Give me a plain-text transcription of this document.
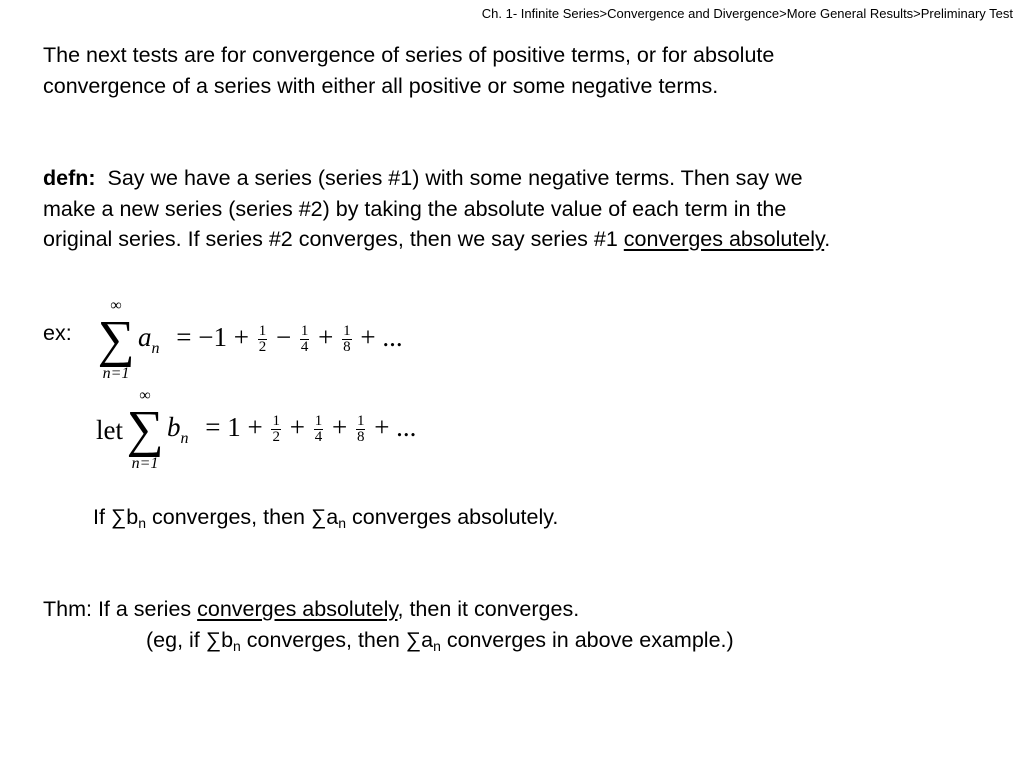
Ch. 1- Infinite Series>Convergence and Divergence>More General Results>Preliminary Test

The next tests are for convergence of series of positive terms, or for absolute

convergence of a series with either all positive or some negative terms.

defn: Say we have a series (series #1) with some negative terms. Then say we

make a new series (series #2) by taking the absolute value of each term in the

original series. If series #2 converges, then we say series #1 converges absolutely.

ex:
∞
∑
n=1
$a_n = -1 + \frac{1}{2} - \frac{1}{4} + \frac{1}{8}$ + ...
let
∞
∑
n=1
$b_n = 1 + \frac{1}{2} + \frac{1}{4} + \frac{1}{8}$ + ...

If $\sum b_n$ converges, then $\sum a_n$ converges absolutely.

Thm: If a series converges absolutely, then it converges.

(eg, if $\sum b_n$ converges, then $\sum a_n$ converges in above example.)
